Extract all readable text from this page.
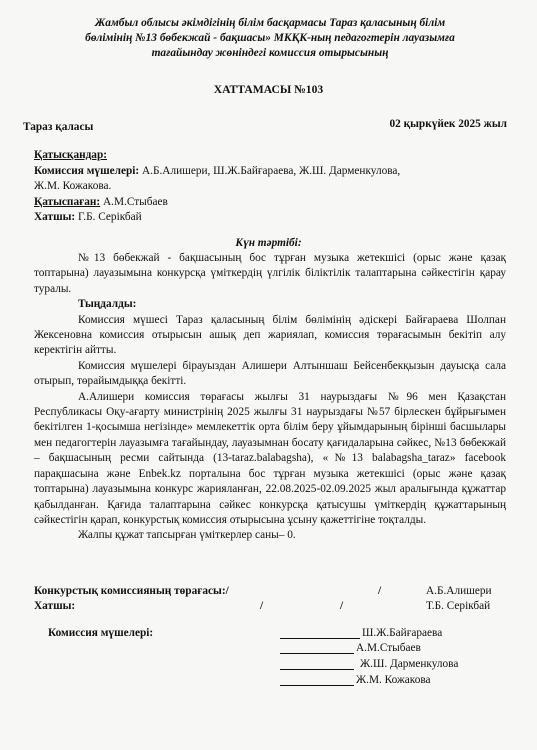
Жамбыл облысы әкімдігінің білім басқармасы Тараз қаласының білім
бөлімінің №13 бөбекжай - бақшасы» МКҚК-ның педагогтерін лауазымға
тағайындау жөніндегі комиссия отырысының
ХАТТАМАСЫ №103
Тараз қаласы	02 қыркүйек 2025 жыл
Қатысқандар:
Комиссия мүшелері: А.Б.Алишери, Ш.Ж.Байғараева, Ж.Ш. Дарменкулова,
Ж.М. Кожакова.
Қатыспаған: А.М.Стыбаев
Хатшы: Г.Б. Серікбай
Күн тәртібі:

№13 бөбекжай - бақшасының бос тұрған музыка жетекшісі (орыс және қазақ топтарына) лауазымына конкурсқа үміткердің үлгілік біліктілік талаптарына сәйкестігін қарау туралы.

Тыңдалды:

Комиссия мүшесі Тараз қаласының білім бөлімінің әдіскері Байғараева Шолпан Жексеновна комиссия отырысын ашық деп жариялап, комиссия төрағасымын бекітіп алу керектігін айтты.

Комиссия мүшелері бірауыздан Алишери Алтыншаш Бейсенбекқызын дауысқа сала отырып, төрайымдыққа бекітті.

А.Алишери комиссия төрағасы жылғы 31 наурыздағы №96 мен Қазақстан Республикасы Оқу-ағарту министрінің 2025 жылғы 31 наурыздағы №57 бірлескен бұйрығымен бекітілген 1-қосымша негізінде» мемлекеттік орта білім беру ұйымдарының бірінші басшылары мен педагогтерін лауазымға тағайындау, лауазымнан босату қағидаларына сәйкес, №13 бөбекжай – бақшасының ресми сайтында (13-taraz.balabagsha), «№13 balabagsha_taraz» facebook парақшасына және Enbek.kz порталына бос тұрған музыка жетекшісі (орыс және қазақ топтарына) лауазымына конкурс жарияланған, 22.08.2025-02.09.2025 жыл аралығында құжаттар қабылданған. Қағида талаптарына сәйкес конкурсқа қатысушы үміткердің құжаттарының сәйкестігін қарап, конкурстық комиссия отырысына ұсыну қажеттігіне тоқталды.

Жалпы құжат тапсырған үміткерлер саны– 0.

Конкурстық комиссияның төрағасы:/	/	А.Б.Алишери
Хатшы:	/	/	Т.Б. Серікбай
Комиссия мүшелері:	Ш.Ж.Байғараева
А.М.Стыбаев
Ж.Ш. Дарменкулова
Ж.М. Кожакова
